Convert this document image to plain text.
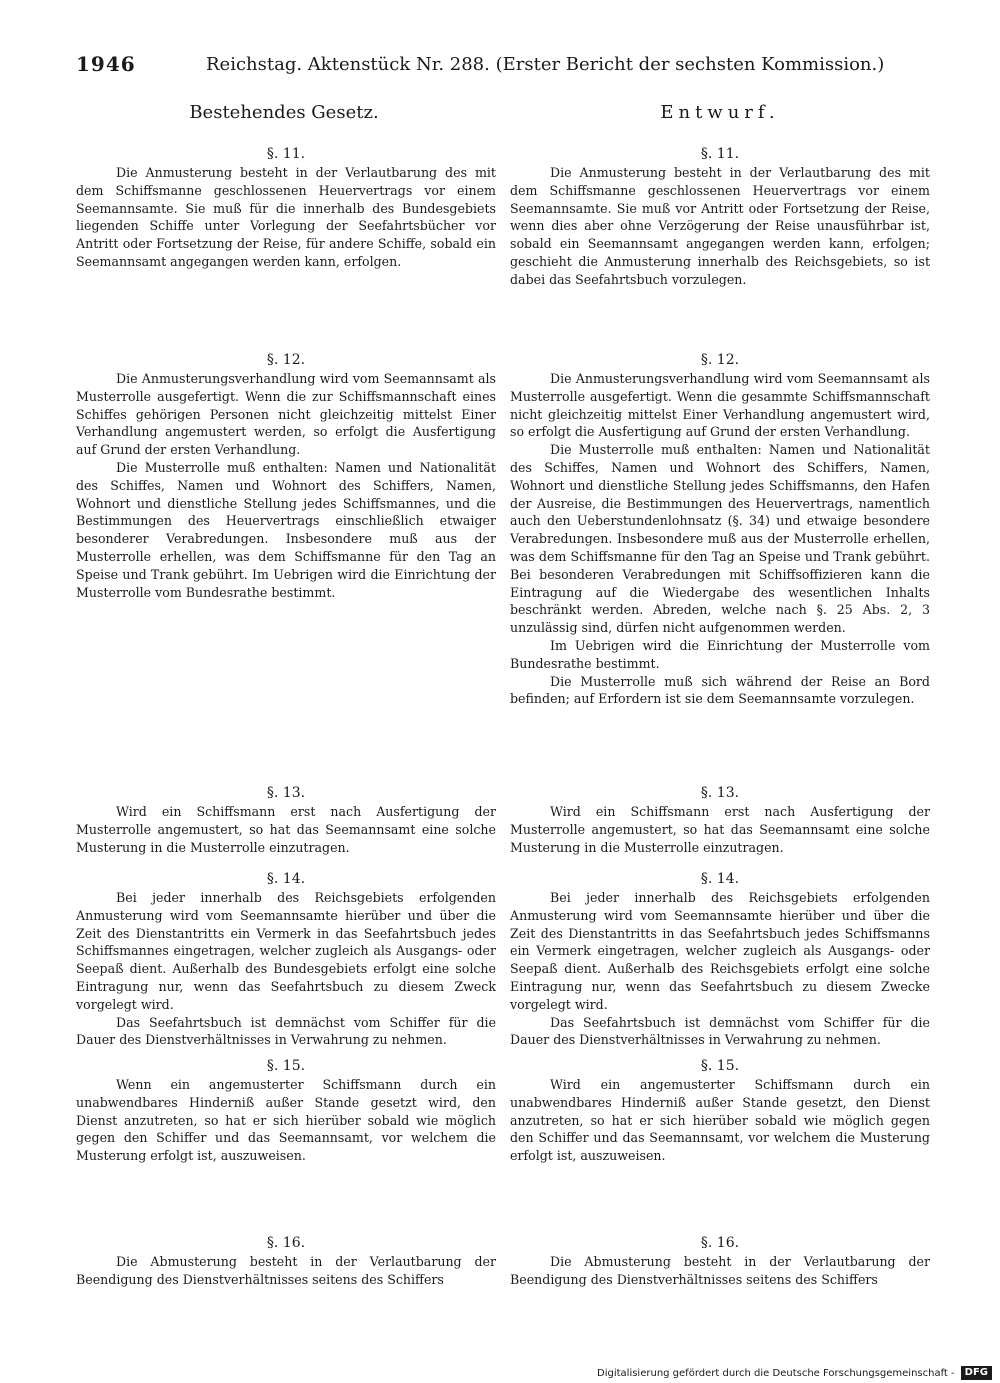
1946	Reichstag. Aktenstück Nr. 288. (Erster Bericht der sechsten Kommission.)
Bestehendes Gesetz.	Entwurf.
§. 11.

Die Anmusterung besteht in der Verlautbarung des mit dem Schiffsmanne geschlossenen Heuervertrags vor einem Seemannsamte. Sie muß für die innerhalb des Bundesgebiets liegenden Schiffe unter Vorlegung der Seefahrtsbücher vor Antritt oder Fortsetzung der Reise, für andere Schiffe, sobald ein Seemannsamt angegangen werden kann, erfolgen.

§. 12.

Die Anmusterungsverhandlung wird vom Seemannsamt als Musterrolle ausgefertigt. Wenn die zur Schiffsmannschaft eines Schiffes gehörigen Personen nicht gleichzeitig mittelst Einer Verhandlung angemustert werden, so erfolgt die Ausfertigung auf Grund der ersten Verhandlung.

Die Musterrolle muß enthalten: Namen und Nationalität des Schiffes, Namen und Wohnort des Schiffers, Namen, Wohnort und dienstliche Stellung jedes Schiffsmannes, und die Bestimmungen des Heuervertrags einschließlich etwaiger besonderer Verabredungen. Insbesondere muß aus der Musterrolle erhellen, was dem Schiffsmanne für den Tag an Speise und Trank gebührt. Im Uebrigen wird die Einrichtung der Musterrolle vom Bundesrathe bestimmt.

§. 13.

Wird ein Schiffsmann erst nach Ausfertigung der Musterrolle angemustert, so hat das Seemannsamt eine solche Musterung in die Musterrolle einzutragen.

§. 14.

Bei jeder innerhalb des Reichsgebiets erfolgenden Anmusterung wird vom Seemannsamte hierüber und über die Zeit des Dienstantritts ein Vermerk in das Seefahrtsbuch jedes Schiffsmannes eingetragen, welcher zugleich als Ausgangs- oder Seepaß dient. Außerhalb des Bundesgebiets erfolgt eine solche Eintragung nur, wenn das Seefahrtsbuch zu diesem Zweck vorgelegt wird.

Das Seefahrtsbuch ist demnächst vom Schiffer für die Dauer des Dienstverhältnisses in Verwahrung zu nehmen.

§. 15.

Wenn ein angemusterter Schiffsmann durch ein unabwendbares Hinderniß außer Stande gesetzt wird, den Dienst anzutreten, so hat er sich hierüber sobald wie möglich gegen den Schiffer und das Seemannsamt, vor welchem die Musterung erfolgt ist, auszuweisen.

§. 16.

Die Abmusterung besteht in der Verlautbarung der Beendigung des Dienstverhältnisses seitens des Schiffers

§. 11.

Die Anmusterung besteht in der Verlautbarung des mit dem Schiffsmanne geschlossenen Heuervertrags vor einem Seemannsamte. Sie muß vor Antritt oder Fortsetzung der Reise, wenn dies aber ohne Verzögerung der Reise unausführbar ist, sobald ein Seemannsamt angegangen werden kann, erfolgen; geschieht die Anmusterung innerhalb des Reichsgebiets, so ist dabei das Seefahrtsbuch vorzulegen.

§. 12.

Die Anmusterungsverhandlung wird vom Seemannsamt als Musterrolle ausgefertigt. Wenn die gesammte Schiffsmannschaft nicht gleichzeitig mittelst Einer Verhandlung angemustert wird, so erfolgt die Ausfertigung auf Grund der ersten Verhandlung.

Die Musterrolle muß enthalten: Namen und Nationalität des Schiffes, Namen und Wohnort des Schiffers, Namen, Wohnort und dienstliche Stellung jedes Schiffsmanns, den Hafen der Ausreise, die Bestimmungen des Heuervertrags, namentlich auch den Ueberstundenlohnsatz (§. 34) und etwaige besondere Verabredungen. Insbesondere muß aus der Musterrolle erhellen, was dem Schiffsmanne für den Tag an Speise und Trank gebührt. Bei besonderen Verabredungen mit Schiffsoffizieren kann die Eintragung auf die Wiedergabe des wesentlichen Inhalts beschränkt werden. Abreden, welche nach §. 25 Abs. 2, 3 unzulässig sind, dürfen nicht aufgenommen werden.

Im Uebrigen wird die Einrichtung der Musterrolle vom Bundesrathe bestimmt.

Die Musterrolle muß sich während der Reise an Bord befinden; auf Erfordern ist sie dem Seemannsamte vorzulegen.

§. 13.

Wird ein Schiffsmann erst nach Ausfertigung der Musterrolle angemustert, so hat das Seemannsamt eine solche Musterung in die Musterrolle einzutragen.

§. 14.

Bei jeder innerhalb des Reichsgebiets erfolgenden Anmusterung wird vom Seemannsamte hierüber und über die Zeit des Dienstantritts in das Seefahrtsbuch jedes Schiffsmanns ein Vermerk eingetragen, welcher zugleich als Ausgangs- oder Seepaß dient. Außerhalb des Reichsgebiets erfolgt eine solche Eintragung nur, wenn das Seefahrtsbuch zu diesem Zwecke vorgelegt wird.

Das Seefahrtsbuch ist demnächst vom Schiffer für die Dauer des Dienstverhältnisses in Verwahrung zu nehmen.

§. 15.

Wird ein angemusterter Schiffsmann durch ein unabwendbares Hinderniß außer Stande gesetzt, den Dienst anzutreten, so hat er sich hierüber sobald wie möglich gegen den Schiffer und das Seemannsamt, vor welchem die Musterung erfolgt ist, auszuweisen.

§. 16.

Die Abmusterung besteht in der Verlautbarung der Beendigung des Dienstverhältnisses seitens des Schiffers

Digitalisierung gefördert durch die Deutsche Forschungsgemeinschaft -	DFG
